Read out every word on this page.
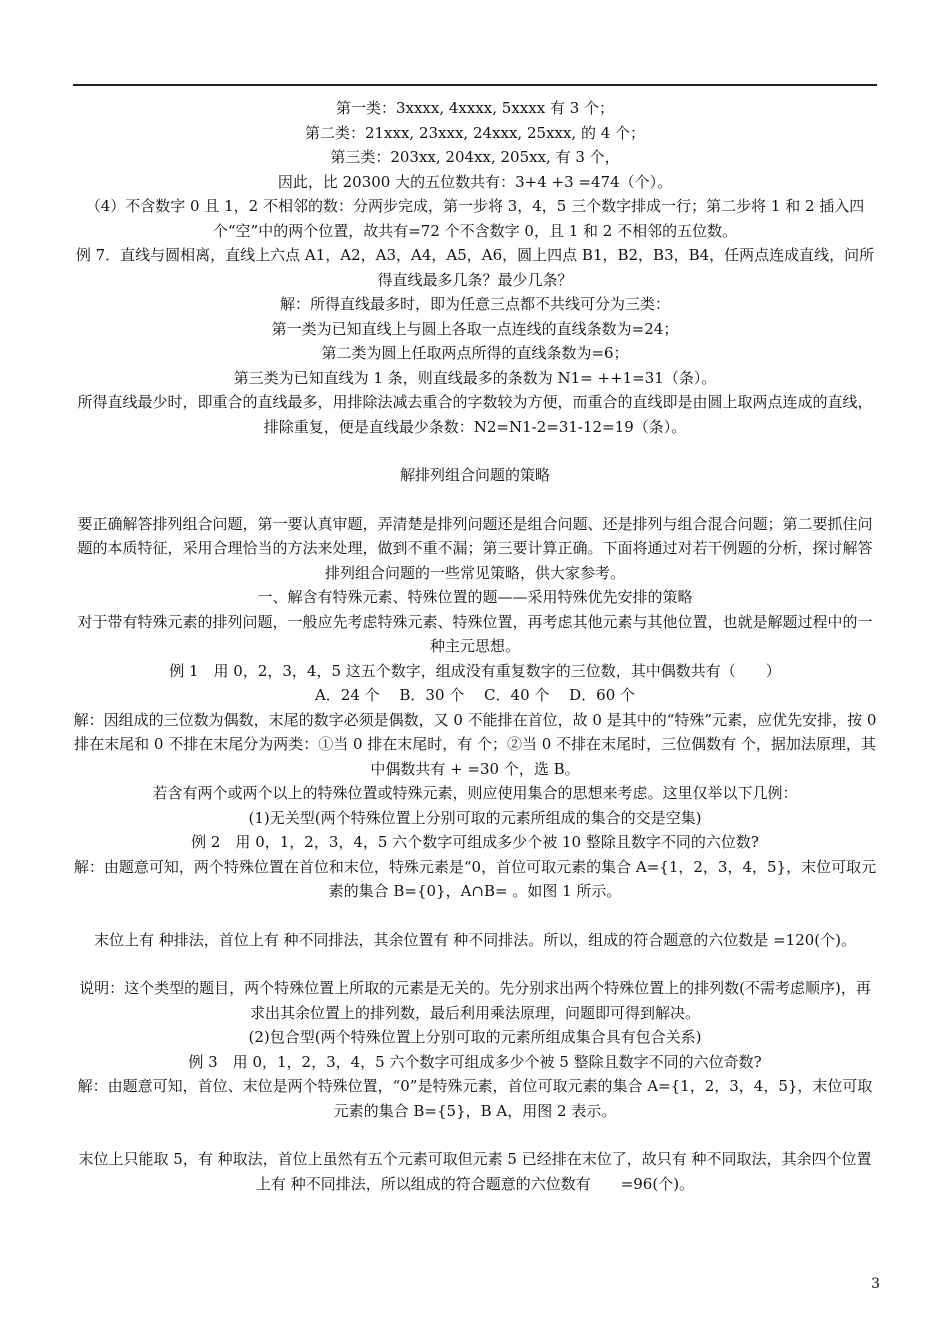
第一类：3xxxx, 4xxxx, 5xxxx 有 3 个；

第二类：21xxx, 23xxx, 24xxx, 25xxx, 的 4 个；

第三类：203xx, 204xx, 205xx, 有 3 个，

因此，比 20300 大的五位数共有：3+4 +3 =474（个）。

（4）不含数字 0 且 1，2 不相邻的数：分两步完成，第一步将 3，4，5 三个数字排成一行；第二步将 1 和 2 插入四个“空”中的两个位置，故共有=72 个不含数字 0，且 1 和 2 不相邻的五位数。

例 7．直线与圆相离，直线上六点 A1，A2，A3，A4，A5，A6，圆上四点 B1，B2，B3，B4，任两点连成直线，问所得直线最多几条？最少几条？

解：所得直线最多时，即为任意三点都不共线可分为三类：

第一类为已知直线上与圆上各取一点连线的直线条数为=24；

第二类为圆上任取两点所得的直线条数为=6；

第三类为已知直线为 1 条，则直线最多的条数为 N1= ++1=31（条）。

所得直线最少时，即重合的直线最多，用排除法减去重合的字数较为方便，而重合的直线即是由圆上取两点连成的直线，排除重复，便是直线最少条数：N2=N1-2=31-12=19（条）。

解排列组合问题的策略

要正确解答排列组合问题，第一要认真审题，弄清楚是排列问题还是组合问题、还是排列与组合混合问题；第二要抓住问题的本质特征，采用合理恰当的方法来处理，做到不重不漏；第三要计算正确。下面将通过对若干例题的分析，探讨解答排列组合问题的一些常见策略，供大家参考。

一、解含有特殊元素、特殊位置的题——采用特殊优先安排的策略

对于带有特殊元素的排列问题，一般应先考虑特殊元素、特殊位置，再考虑其他元素与其他位置，也就是解题过程中的一种主元思想。

例 1　用 0，2，3，4，5 这五个数字，组成没有重复数字的三位数，其中偶数共有（　　）

A．24 个　 B．30 个　 C．40 个　 D．60 个

解：因组成的三位数为偶数，末尾的数字必须是偶数，又 0 不能排在首位，故 0 是其中的“特殊”元素，应优先安排，按 0 排在末尾和 0 不排在末尾分为两类：①当 0 排在末尾时，有 个；②当 0 不排在末尾时，三位偶数有 个，据加法原理，其中偶数共有 + =30 个，选 B。

若含有两个或两个以上的特殊位置或特殊元素，则应使用集合的思想来考虑。这里仅举以下几例：

(1)无关型(两个特殊位置上分别可取的元素所组成的集合的交是空集)

例 2　用 0，1，2，3，4，5 六个数字可组成多少个被 10 整除且数字不同的六位数?

解：由题意可知，两个特殊位置在首位和末位，特殊元素是“0，首位可取元素的集合 A={1，2，3，4，5}，末位可取元素的集合 B={0}，A∩B= 。如图 1 所示。

末位上有 种排法，首位上有 种不同排法，其余位置有 种不同排法。所以，组成的符合题意的六位数是 =120(个)。

说明：这个类型的题目，两个特殊位置上所取的元素是无关的。先分别求出两个特殊位置上的排列数(不需考虑顺序)，再求出其余位置上的排列数，最后利用乘法原理，问题即可得到解决。

(2)包合型(两个特殊位置上分别可取的元素所组成集合具有包合关系)

例 3　用 0，1，2，3，4，5 六个数字可组成多少个被 5 整除且数字不同的六位奇数?

解：由题意可知，首位、末位是两个特殊位置，“0”是特殊元素，首位可取元素的集合 A={1，2，3，4，5}，末位可取元素的集合 B={5}，B A，用图 2 表示。

末位上只能取 5，有 种取法，首位上虽然有五个元素可取但元素 5 已经排在末位了，故只有 种不同取法，其余四个位置上有 种不同排法，所以组成的符合题意的六位数有　　=96(个)。

3
